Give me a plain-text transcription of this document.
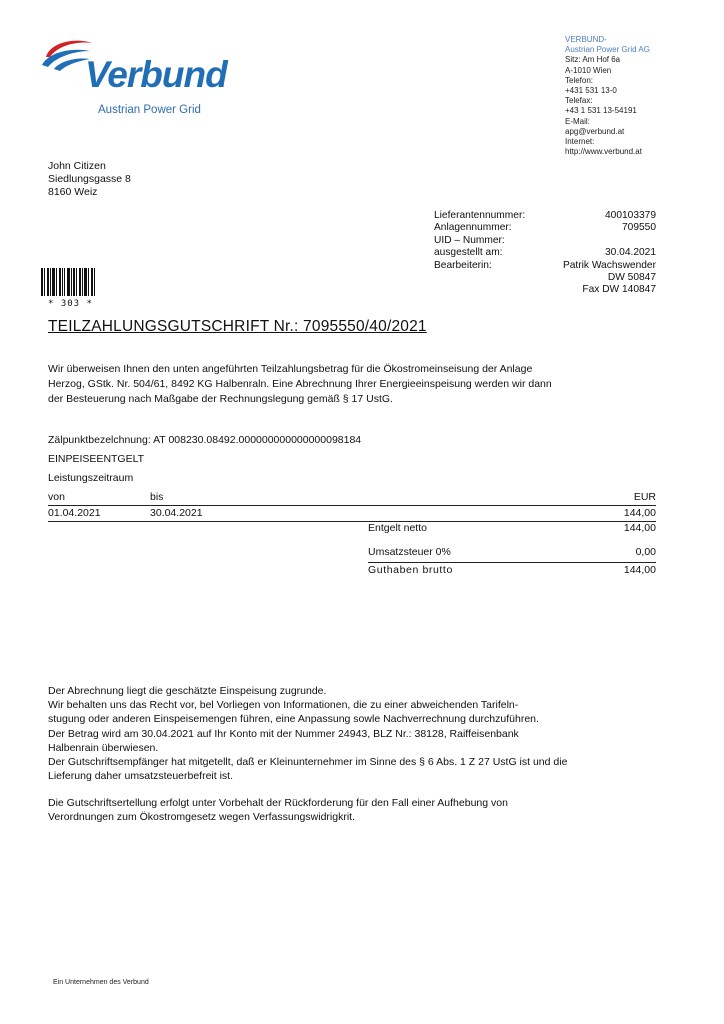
Verbund
Austrian Power Grid
VERBUND-
Austrian Power Grid AG
Sitz: Am Hof 6a
A-1010 Wien
Telefon:
+431 531 13-0
Telefax:
+43 1 531 13-54191
E-Mail:
apg@verbund.at
Internet:
http://www.verbund.at
John Citizen
Siedlungsgasse 8
8160 Weiz
Lieferantennummer:	400103379
Anlagennummer:	709550
UID – Nummer:
ausgestellt am:	30.04.2021
Bearbeiterin:	Patrik Wachswender
DW 50847
Fax DW 140847
* 303 *
TEILZAHLUNGSGUTSCHRIFT Nr.: 7095550/40/2021
Wir überweisen Ihnen den unten angeführten Teilzahlungsbetrag für die Ökostromeinseisung der Anlage
Herzog, GStk. Nr. 504/61, 8492 KG Halbenraln. Eine Abrechnung Ihrer Energieeinspeisung werden wir dann
der Besteuerung nach Maßgabe der Rechnungslegung gemäß § 17 UstG.
Zälpunktbezelchnung: AT 008230.08492.000000000000000098184
EINPEISEENTGELT
Leistungszeitraum
von	bis	EUR
01.04.2021	30.04.2021	144,00
Entgelt netto	144,00
Umsatzsteuer 0%	0,00
Guthaben brutto	144,00
Der Abrechnung liegt die geschätzte Einspeisung zugrunde.
Wir behalten uns das Recht vor, bel Vorliegen von Informationen, die zu einer abweichenden Tarifeln-
stugung oder anderen Einspeisemengen führen, eine Anpassung sowle Nachverrechnung durchzuführen.
Der Betrag wird am 30.04.2021 auf Ihr Konto mit der Nummer 24943, BLZ Nr.: 38128, Raiffeisenbank
Halbenrain überwiesen.
Der Gutschriftsempfänger hat mitgetellt, daß er Kleinunternehmer im Sinne des § 6 Abs. 1 Z 27 UstG ist und die
Lieferung daher umsatzsteuerbefreit ist.
Die Gutschriftsertellung erfolgt unter Vorbehalt der Rückforderung für den Fall einer Aufhebung von
Verordnungen zum Ökostromgesetz wegen Verfassungswidrigkrit.
Ein Unternehmen des Verbund
